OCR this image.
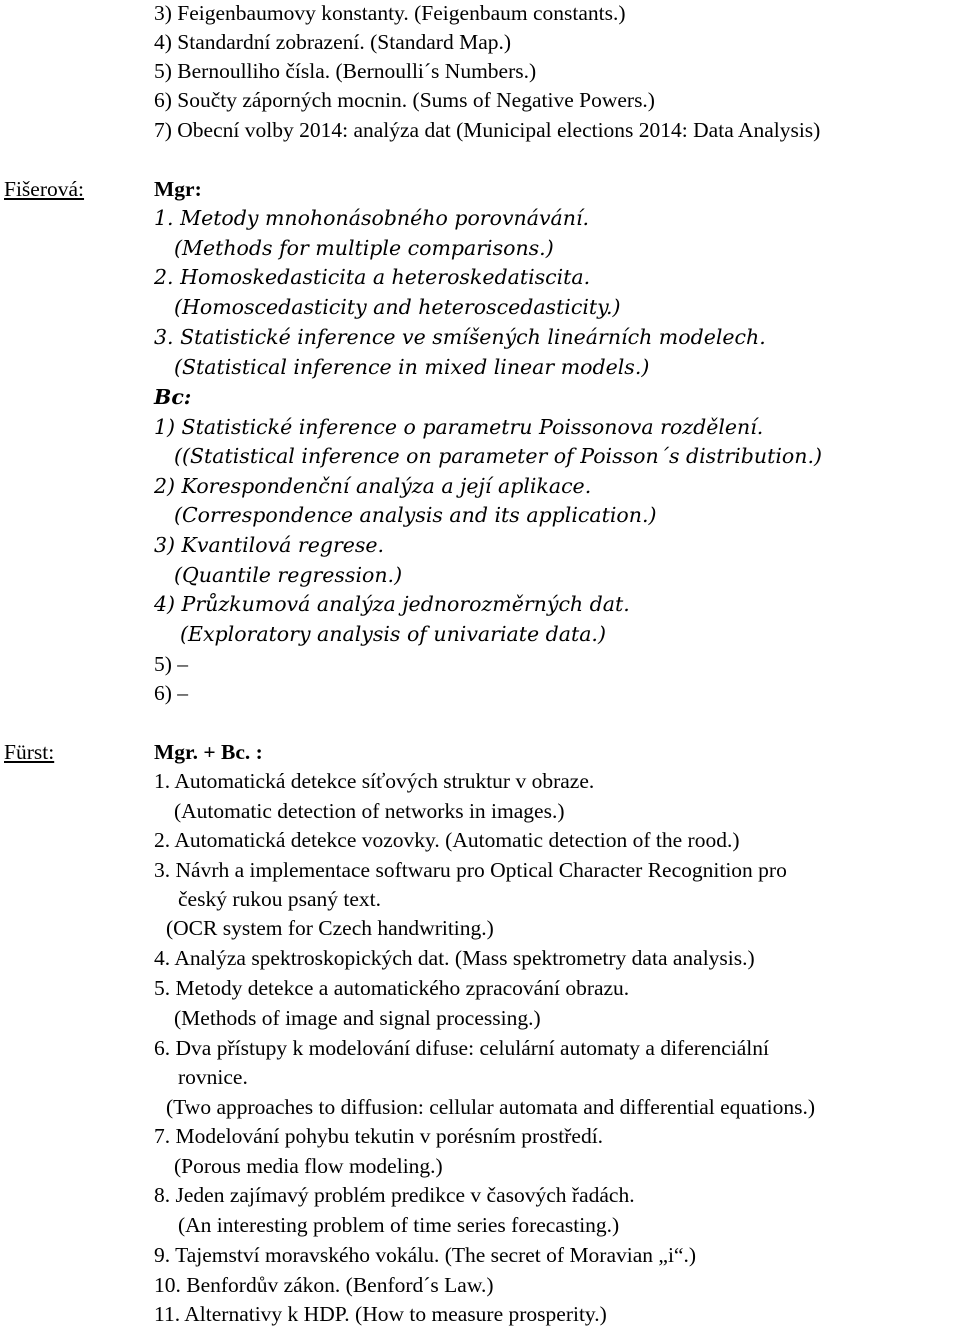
3) Feigenbaumovy konstanty. (Feigenbaum constants.)
4) Standardní zobrazení. (Standard Map.)
5) Bernoulliho čísla. (Bernoulli´s Numbers.)
6) Součty záporných mocnin. (Sums of Negative Powers.)
7) Obecní volby 2014: analýza dat (Municipal elections 2014: Data Analysis)
Fišerová:	Mgr:
1. Metody mnohonásobného porovnávání.
(Methods for multiple comparisons.)
2. Homoskedasticita a heteroskedatiscita.
(Homoscedasticity and heteroscedasticity.)
3. Statistické inference ve smíšených lineárních modelech.
(Statistical inference in mixed linear models.)
Bc:
1) Statistické inference o parametru Poissonova rozdělení.
((Statistical inference on parameter of Poisson´s distribution.)
2) Korespondenční analýza a její aplikace.
(Correspondence analysis and its application.)
3) Kvantilová regrese.
(Quantile regression.)
4) Průzkumová analýza jednorozměrných dat.
(Exploratory analysis of univariate data.)
5) –
6) –
Fürst:	Mgr. + Bc. :
1. Automatická detekce síťových struktur v obraze.
(Automatic detection of networks in images.)
2. Automatická detekce vozovky. (Automatic detection of the rood.)
3. Návrh a implementace softwaru pro Optical Character Recognition pro
český rukou psaný text.
(OCR system for Czech handwriting.)
4. Analýza spektroskopických dat. (Mass spektrometry data analysis.)
5. Metody detekce a automatického zpracování obrazu.
(Methods of image and signal processing.)
6. Dva přístupy k modelování difuse: celulární automaty a diferenciální
rovnice.
(Two approaches to diffusion: cellular automata and differential equations.)
7. Modelování pohybu tekutin v porésním prostředí.
(Porous media flow modeling.)
8. Jeden zajímavý problém predikce v časových řadách.
(An interesting problem of time series forecasting.)
9. Tajemství moravského vokálu. (The secret of Moravian „i“.)
10. Benfordův zákon. (Benford´s Law.)
11. Alternativy k HDP. (How to measure prosperity.)
